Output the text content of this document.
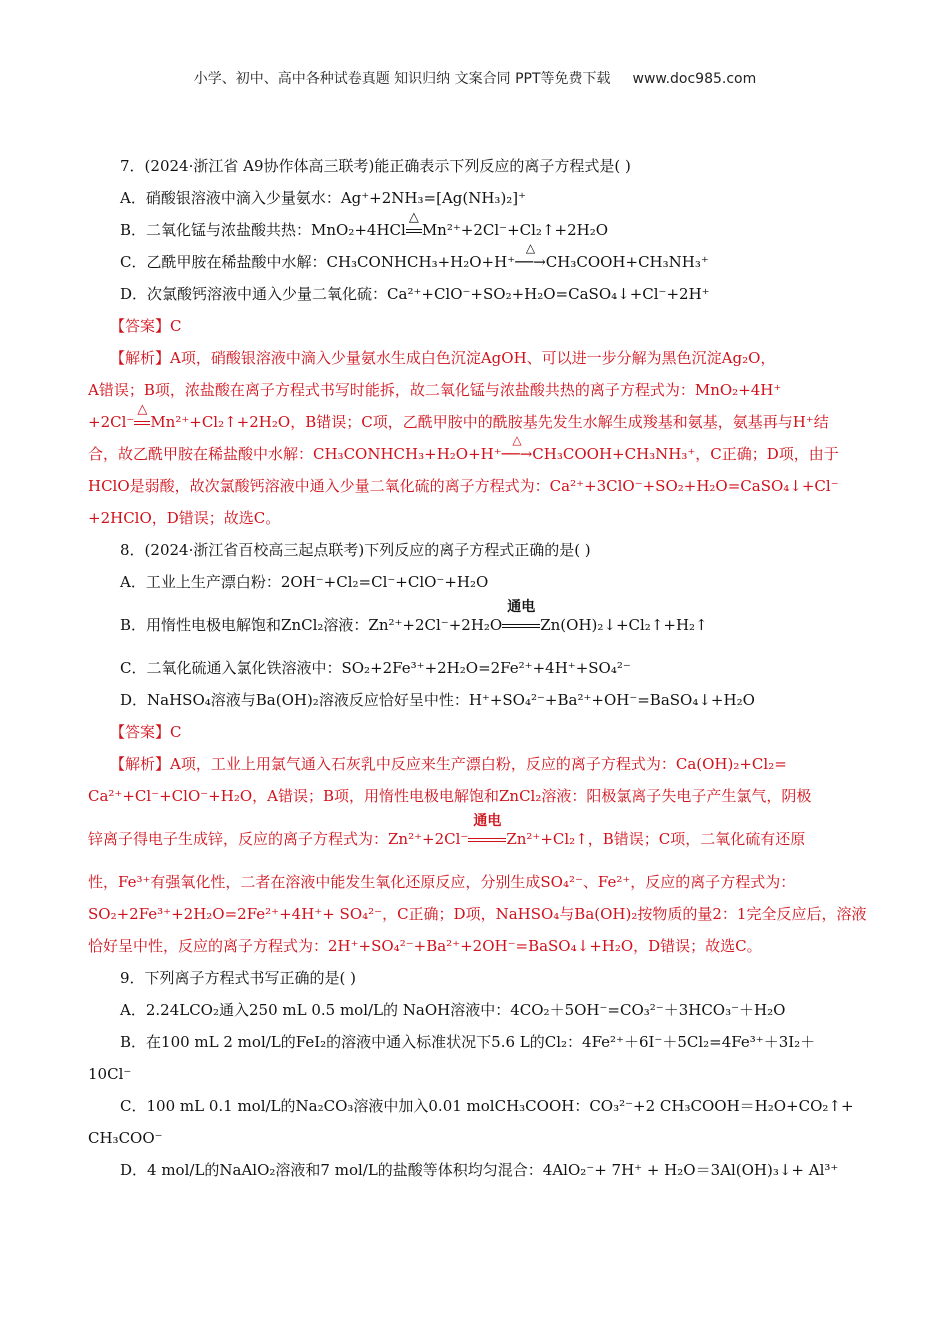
小学、初中、高中各种试卷真题 知识归纳 文案合同 PPT等免费下载 www.doc985.com
7．(2024·浙江省 A9协作体高三联考)能正确表示下列反应的离子方程式是( )
A．硝酸银溶液中滴入少量氨水：Ag⁺+2NH₃=[Ag(NH₃)₂]⁺
B．二氧化锰与浓盐酸共热：MnO₂+4HCl
△
Mn²⁺+2Cl⁻+Cl₂↑+2H₂O
C．乙酰甲胺在稀盐酸中水解：CH₃CONHCH₃+H₂O+H⁺
△
──→CH₃COOH+CH₃NH₃⁺
D．次氯酸钙溶液中通入少量二氧化硫：Ca²⁺+ClO⁻+SO₂+H₂O=CaSO₄↓+Cl⁻+2H⁺
【答案】C
【解析】A项，硝酸银溶液中滴入少量氨水生成白色沉淀AgOH、可以进一步分解为黑色沉淀Ag₂O，
A错误；B项，浓盐酸在离子方程式书写时能拆，故二氧化锰与浓盐酸共热的离子方程式为：MnO₂+4H⁺
+2Cl⁻
△
Mn²⁺+Cl₂↑+2H₂O，B错误；C项，乙酰甲胺中的酰胺基先发生水解生成羧基和氨基，氨基再与H⁺结
合，故乙酰甲胺在稀盐酸中水解：CH₃CONHCH₃+H₂O+H⁺
△
──→CH₃COOH+CH₃NH₃⁺，C正确；D项，由于
HClO是弱酸，故次氯酸钙溶液中通入少量二氧化硫的离子方程式为：Ca²⁺+3ClO⁻+SO₂+H₂O=CaSO₄↓+Cl⁻
+2HClO，D错误；故选C。
8．(2024·浙江省百校高三起点联考)下列反应的离子方程式正确的是( )
A．工业上生产漂白粉：2OH⁻+Cl₂=Cl⁻+ClO⁻+H₂O
B．用惰性电极电解饱和ZnCl₂溶液：Zn²⁺+2Cl⁻+2H₂O
通电
Zn(OH)₂↓+Cl₂↑+H₂↑
C．二氧化硫通入氯化铁溶液中：SO₂+2Fe³⁺+2H₂O=2Fe²⁺+4H⁺+SO₄²⁻
D．NaHSO₄溶液与Ba(OH)₂溶液反应恰好呈中性：H⁺+SO₄²⁻+Ba²⁺+OH⁻=BaSO₄↓+H₂O
【答案】C
【解析】A项，工业上用氯气通入石灰乳中反应来生产漂白粉，反应的离子方程式为：Ca(OH)₂+Cl₂=
Ca²⁺+Cl⁻+ClO⁻+H₂O，A错误；B项，用惰性电极电解饱和ZnCl₂溶液：阳极氯离子失电子产生氯气，阴极
锌离子得电子生成锌，反应的离子方程式为：Zn²⁺+2Cl⁻
通电
Zn²⁺+Cl₂↑，B错误；C项，二氧化硫有还原
性，Fe³⁺有强氧化性，二者在溶液中能发生氧化还原反应，分别生成SO₄²⁻、Fe²⁺，反应的离子方程式为：
SO₂+2Fe³⁺+2H₂O=2Fe²⁺+4H⁺+ SO₄²⁻，C正确；D项，NaHSO₄与Ba(OH)₂按物质的量2：1完全反应后，溶液
恰好呈中性，反应的离子方程式为：2H⁺+SO₄²⁻+Ba²⁺+2OH⁻=BaSO₄↓+H₂O，D错误；故选C。
9．下列离子方程式书写正确的是( )
A．2.24LCO₂通入250 mL 0.5 mol/L的 NaOH溶液中：4CO₂＋5OH⁻=CO₃²⁻＋3HCO₃⁻＋H₂O
B．在100 mL 2 mol/L的FeI₂的溶液中通入标准状况下5.6 L的Cl₂：4Fe²⁺＋6I⁻＋5Cl₂=4Fe³⁺＋3I₂＋
10Cl⁻
C．100 mL 0.1 mol/L的Na₂CO₃溶液中加入0.01 molCH₃COOH：CO₃²⁻+2 CH₃COOH＝H₂O+CO₂↑+
CH₃COO⁻
D．4 mol/L的NaAlO₂溶液和7 mol/L的盐酸等体积均匀混合：4AlO₂⁻+ 7H⁺ + H₂O＝3Al(OH)₃↓+ Al³⁺
